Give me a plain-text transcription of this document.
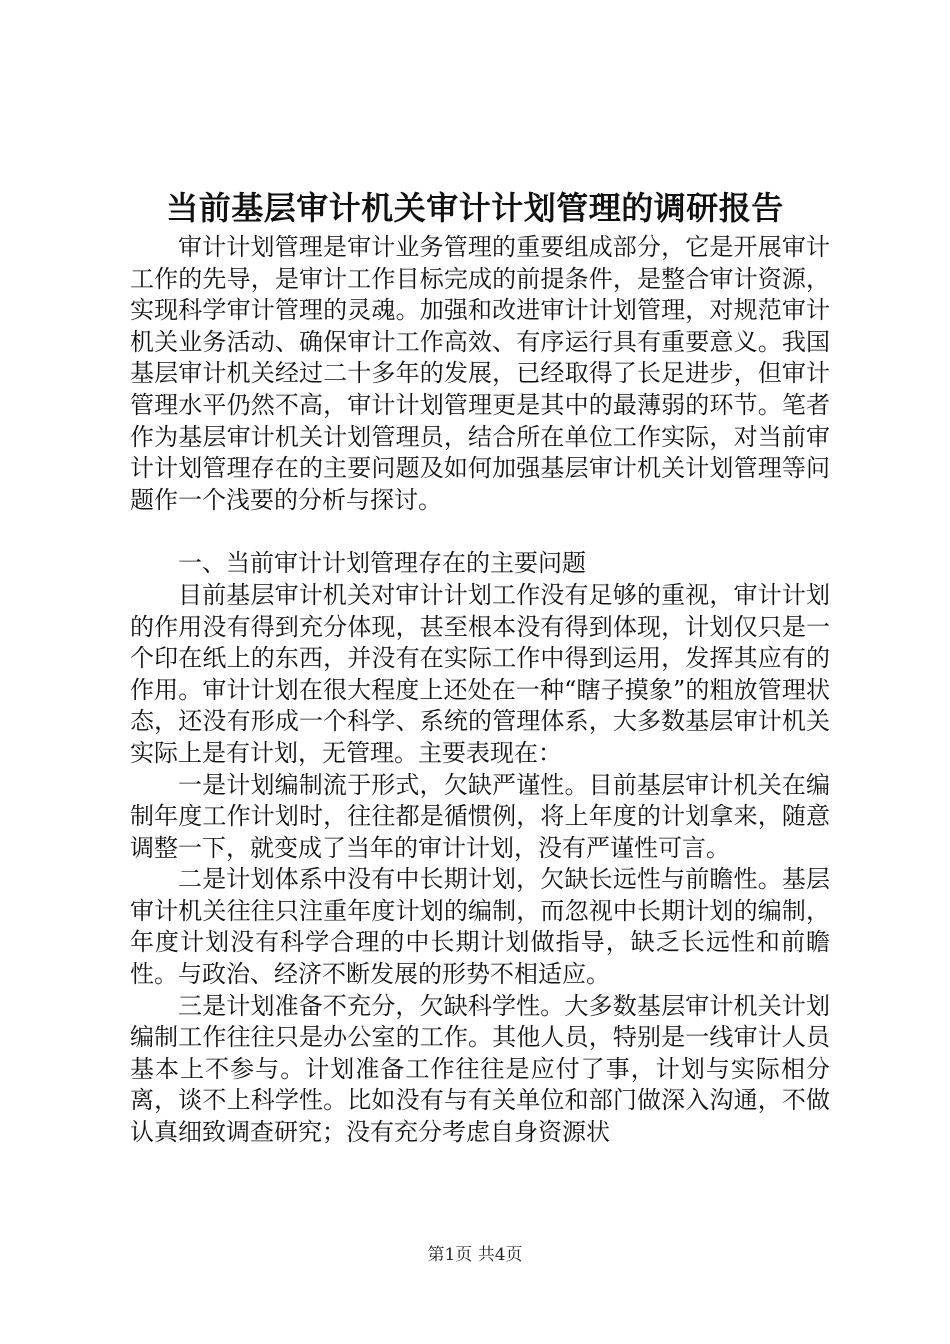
当前基层审计机关审计计划管理的调研报告

审计计划管理是审计业务管理的重要组成部分，它是开展审计工作的先导，是审计工作目标完成的前提条件，是整合审计资源，实现科学审计管理的灵魂。加强和改进审计计划管理，对规范审计机关业务活动、确保审计工作高效、有序运行具有重要意义。我国基层审计机关经过二十多年的发展，已经取得了长足进步，但审计管理水平仍然不高，审计计划管理更是其中的最薄弱的环节。笔者作为基层审计机关计划管理员，结合所在单位工作实际，对当前审计计划管理存在的主要问题及如何加强基层审计机关计划管理等问题作一个浅要的分析与探讨。

一、当前审计计划管理存在的主要问题

目前基层审计机关对审计计划工作没有足够的重视，审计计划的作用没有得到充分体现，甚至根本没有得到体现，计划仅只是一个印在纸上的东西，并没有在实际工作中得到运用，发挥其应有的作用。审计计划在很大程度上还处在一种“瞎子摸象”的粗放管理状态，还没有形成一个科学、系统的管理体系，大多数基层审计机关实际上是有计划，无管理。主要表现在：

一是计划编制流于形式，欠缺严谨性。目前基层审计机关在编制年度工作计划时，往往都是循惯例，将上年度的计划拿来，随意调整一下，就变成了当年的审计计划，没有严谨性可言。

二是计划体系中没有中长期计划，欠缺长远性与前瞻性。基层审计机关往往只注重年度计划的编制，而忽视中长期计划的编制，年度计划没有科学合理的中长期计划做指导，缺乏长远性和前瞻性。与政治、经济不断发展的形势不相适应。

三是计划准备不充分，欠缺科学性。大多数基层审计机关计划编制工作往往只是办公室的工作。其他人员，特别是一线审计人员基本上不参与。计划准备工作往往是应付了事，计划与实际相分离，谈不上科学性。比如没有与有关单位和部门做深入沟通，不做认真细致调查研究；没有充分考虑自身资源状

第1页 共4页
